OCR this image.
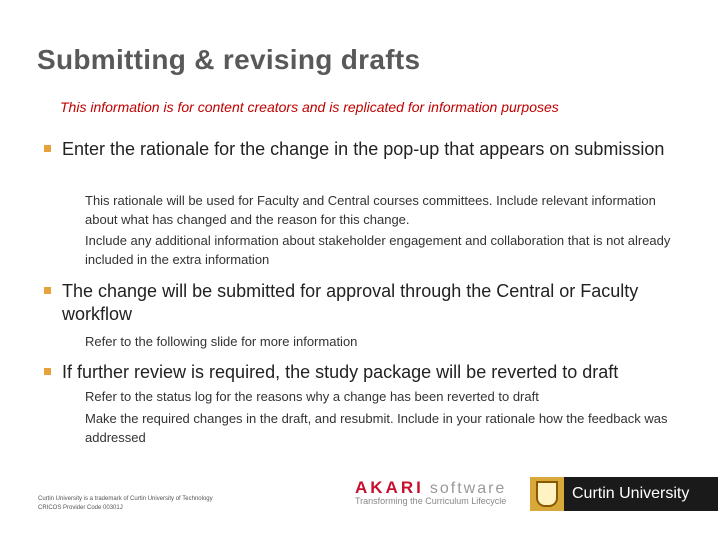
Submitting & revising drafts
This information is for content creators and is replicated for information purposes
Enter the rationale for the change in the pop-up that appears on submission
This rationale will be used for Faculty and Central courses committees. Include relevant information about what has changed and the reason for this change.
Include any additional information about stakeholder engagement and collaboration that is not already included in the extra information
The change will be submitted for approval through the Central or Faculty workflow
Refer to the following slide for more information
If further review is required, the study package will be reverted to draft
Refer to the status log for the reasons why a change has been reverted to draft
Make the required changes in the draft, and resubmit. Include in your rationale how the feedback was addressed
Curtin University is a trademark of Curtin University of Technology
CRICOS Provider Code 00301J
AKARI software
Transforming the Curriculum Lifecycle	Curtin University
